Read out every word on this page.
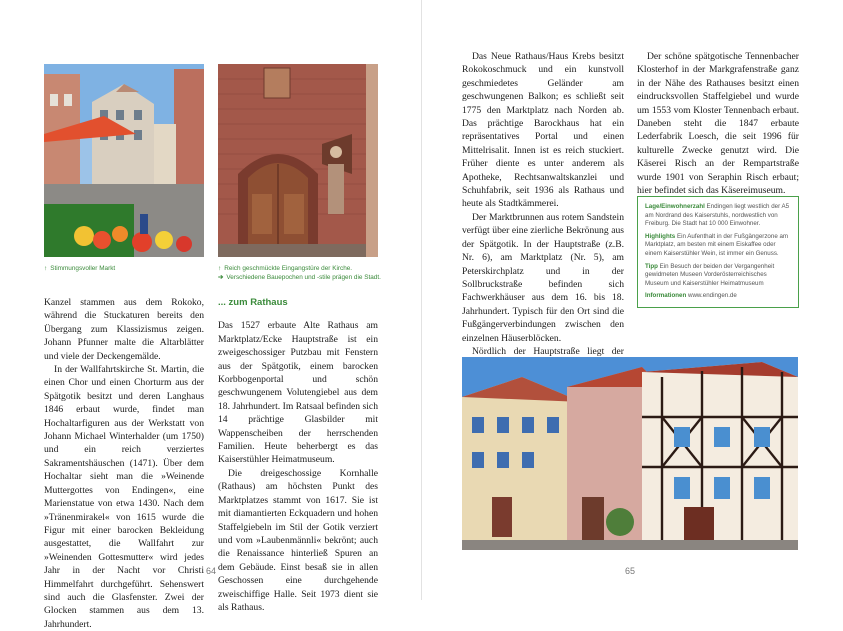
↑ Stimmungsvoller Markt	↑ Reich geschmückte Eingangstüre der Kirche.
➔ Verschiedene Bauepochen und -stile prägen die Stadt.

Kanzel stammen aus dem Rokoko, während die Stuckaturen bereits den Übergang zum Klassizismus zeigen. Johann Pfunner malte die Altarblätter und viele der Deckengemälde.

In der Wallfahrtskirche St. Martin, die einen Chor und einen Chorturm aus der Spätgotik besitzt und deren Langhaus 1846 erbaut wurde, findet man Hochaltarfiguren aus der Werkstatt von Johann Michael Winterhalder (um 1750) und ein reich verziertes Sakramentshäuschen (1471). Über dem Hochaltar sieht man die »Weinende Muttergottes von Endingen«, eine Marienstatue von etwa 1430. Nach dem »Tränenmirakel« von 1615 wurde die Figur mit einer barocken Bekleidung ausgestattet, die Wallfahrt zur »Weinenden Gottesmutter« wird jedes Jahr in der Nacht vor Christi Himmelfahrt durchgeführt. Sehenswert sind auch die Glasfenster. Zwei der Glocken stammen aus dem 13. Jahrhundert.

... zum Rathaus

Das 1527 erbaute Alte Rathaus am Marktplatz/Ecke Hauptstraße ist ein zweigeschossiger Putzbau mit Fenstern aus der Spätgotik, einem barocken Korbbogenportal und schön geschwungenem Volutengiebel aus dem 18. Jahrhundert. Im Ratsaal befinden sich 14 prächtige Glasbilder mit Wappenscheiben der herrschenden Familien. Heute beherbergt es das Kaiserstühler Heimatmuseum.

Die dreigeschossige Kornhalle (Rathaus) am höchsten Punkt des Marktplatzes stammt von 1617. Sie ist mit diamantierten Eckquadern und hohen Staffelgiebeln im Stil der Gotik verziert und vom »Laubenmännli« bekrönt; auch die Renaissance hinterließ Spuren an dem Gebäude. Einst besaß sie in allen Geschossen eine durchgehende zweischiffige Halle. Seit 1973 dient sie als Rathaus.

64

Das Neue Rathaus/Haus Krebs besitzt Rokokoschmuck und ein kunstvoll geschmiedetes Geländer am geschwungenen Balkon; es schließt seit 1775 den Marktplatz nach Norden ab. Das prächtige Barockhaus hat ein repräsentatives Portal und einen Mittelrisalit. Innen ist es reich stuckiert. Früher diente es unter anderem als Apotheke, Rechtsanwaltskanzlei und Schuhfabrik, seit 1936 als Rathaus und heute als Stadtkämmerei.

Der Marktbrunnen aus rotem Sandstein verfügt über eine zierliche Bekrönung aus der Spätgotik. In der Hauptstraße (z.B. Nr. 6), am Marktplatz (Nr. 5), am Peterskirchplatz und in der Sollbruckstraße befinden sich Fachwerkhäuser aus dem 16. bis 18. Jahrhundert. Typisch für den Ort sind die Fußgängerverbindungen zwischen den einzelnen Häuserblöcken.

Nördlich der Hauptstraße liegt der

Der schöne spätgotische Tennenbacher Klosterhof in der Markgrafenstraße ganz in der Nähe des Rathauses besitzt einen eindrucksvollen Staffelgiebel und wurde um 1553 vom Kloster Tennenbach erbaut. Daneben steht die 1847 erbaute Lederfabrik Loesch, die seit 1996 für kulturelle Zwecke genutzt wird. Die Käserei Risch an der Rempartstraße wurde 1901 von Seraphin Risch erbaut; hier befindet sich das Käsereimuseum.

Lage/Einwohnerzahl Endingen liegt westlich der A5 am Nordrand des Kaiserstuhls, nordwestlich von Freiburg. Die Stadt hat 10 000 Einwohner.

Highlights Ein Aufenthalt in der Fußgängerzone am Marktplatz, am besten mit einem Eiskaffee oder einem Kaiserstühler Wein, ist immer ein Genuss.

Tipp Ein Besuch der beiden der Vergangenheit gewidmeten Museen Vorderösterreichisches Museum und Kaiserstühler Heimatmuseum

Informationen www.endingen.de

65
